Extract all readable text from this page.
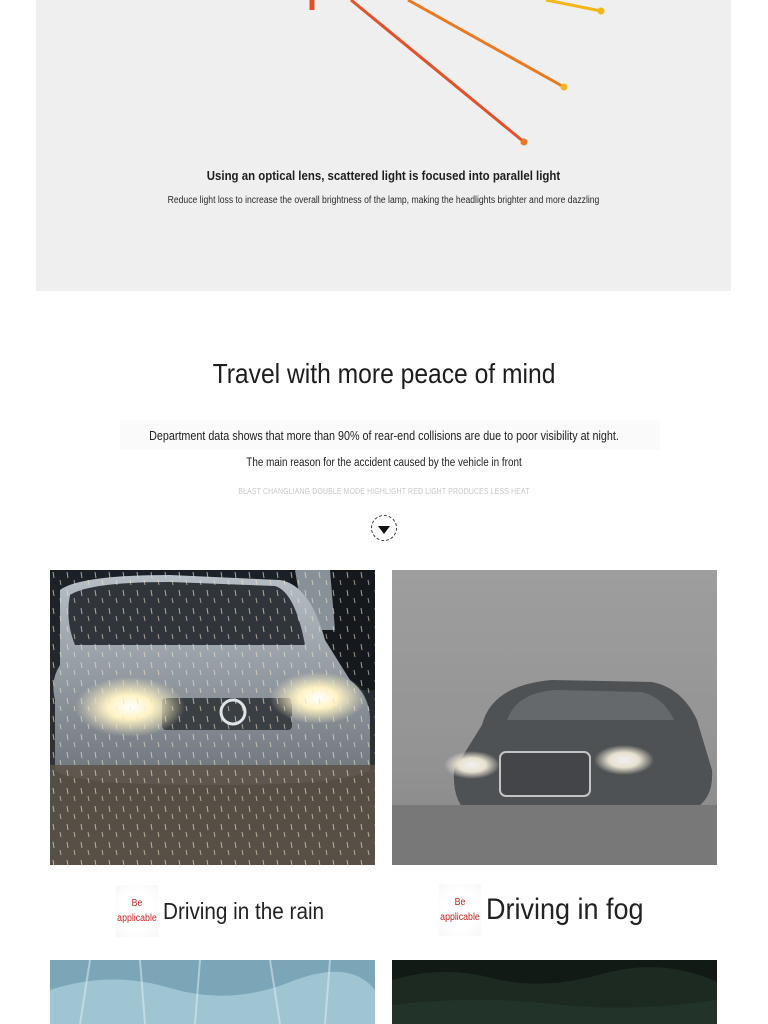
Using an optical lens, scattered light is focused into parallel light
Reduce light loss to increase the overall brightness of the lamp, making the headlights brighter and more dazzling
Travel with more peace of mind
Department data shows that more than 90% of rear-end collisions are due to poor visibility at night.
The main reason for the accident caused by the vehicle in front
BLAST CHANGLIANG DOUBLE MODE HIGHLIGHT RED LIGHT PRODUCES LESS HEAT
Be
applicable Driving in the rain	Be
applicable Driving in fog
